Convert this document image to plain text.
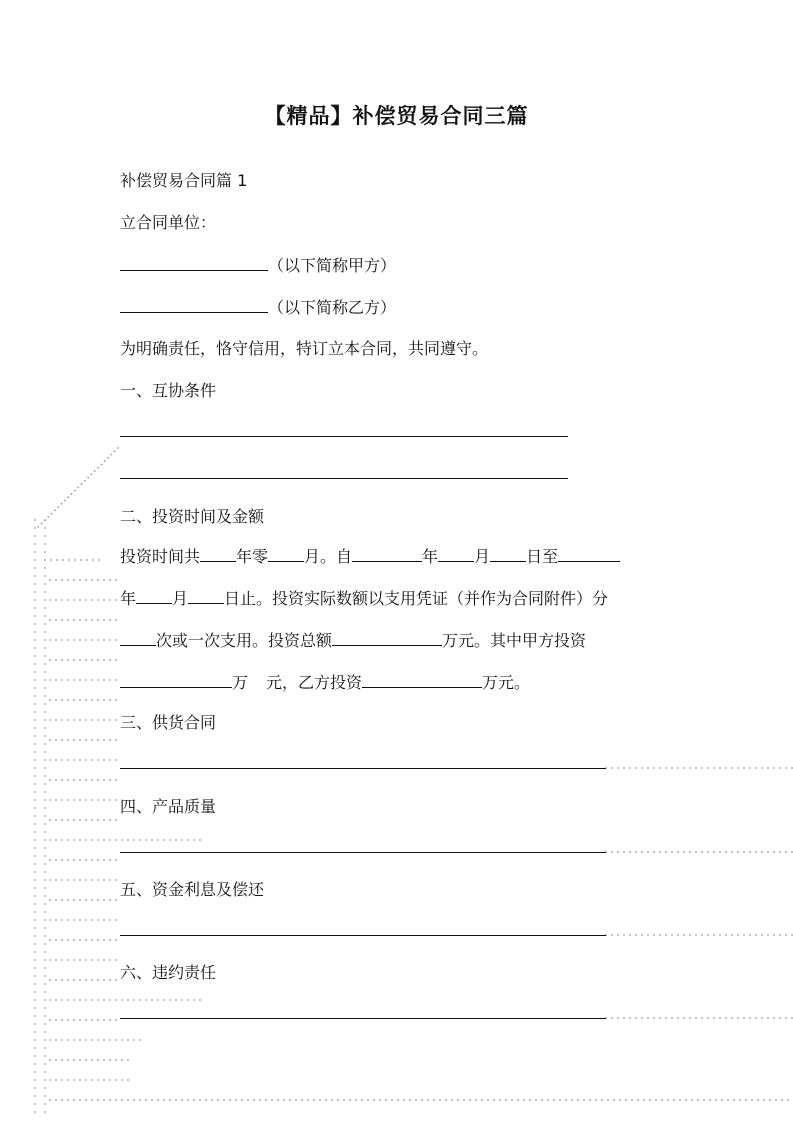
【精品】补偿贸易合同三篇
补偿贸易合同篇 1
立合同单位：
（以下简称甲方）
（以下简称乙方）
为明确责任，恪守信用，特订立本合同，共同遵守。
一、互协条件
二、投资时间及金额
投资时间共 年零 月。自	年 月 日至
年 月 日止。投资实际数额以支用凭证（并作为合同附件）分
次或一次支用。投资总额	万元。其中甲方投资
万 元，乙方投资	万元。
三、供货合同
四、产品质量
五、资金利息及偿还
六、违约责任
